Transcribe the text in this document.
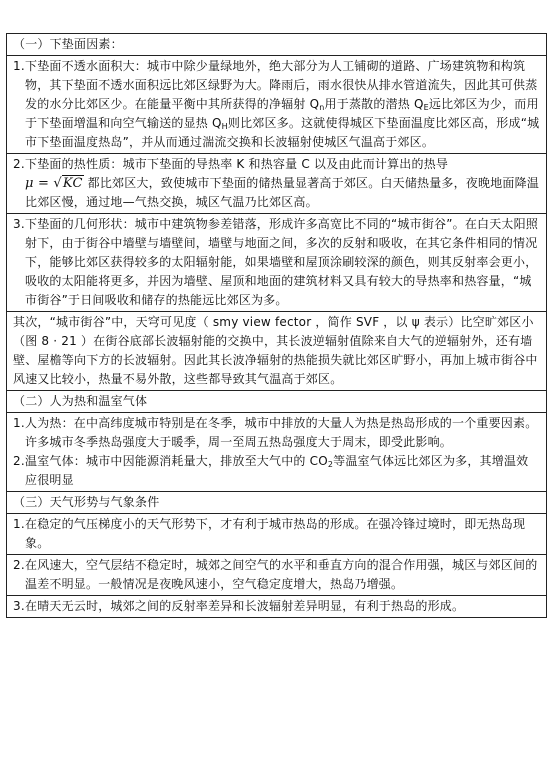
（一）下垫面因素：

1. 下垫面不透水面积大：城市中除少量绿地外，绝大部分为人工铺砌的道路、广场建筑物和构筑物，其下垫面不透水面积远比郊区绿野为大。降雨后，雨水很快从排水管道流失，因此其可供蒸发的水分比郊区少。在能量平衡中其所获得的净辐射 $Q_n$用于蒸散的潜热 $Q_E$远比郊区为少，而用于下垫面增温和向空气输送的显热 $Q_H$则比郊区多。这就使得城区下垫面温度比郊区高，形成“城市下垫面温度热岛”，并从而通过湍流交换和长波辐射使城区气温高于郊区。

2. 下垫面的热性质：城市下垫面的导热率 K 和热容量 C 以及由此而计算出的热导
μ = √KC 都比郊区大，致使城市下垫面的储热量显著高于郊区。白天储热量多，夜晚地面降温比郊区慢，通过地—气热交换，城区气温乃比郊区高。

3. 下垫面的几何形状：城市中建筑物参差错落，形成许多高宽比不同的“城市街谷”。在白天太阳照射下，由于街谷中墙壁与墙壁间，墙壁与地面之间，多次的反射和吸收，在其它条件相同的情况下，能够比郊区获得较多的太阳辐射能，如果墙壁和屋顶涂刷较深的颜色，则其反射率会更小，吸收的太阳能将更多，并因为墙壁、屋顶和地面的建筑材料又具有较大的导热率和热容量，“城市街谷”于日间吸收和储存的热能远比郊区为多。

其次，“城市街谷”中，天穹可见度（ smy view fector ，简作 SVF ，以 ψ 表示）比空旷郊区小（图 8 · 21 ）在街谷底部长波辐射能的交换中，其长波逆辐射值除来自大气的逆辐射外，还有墙壁、屋檐等向下方的长波辐射。因此其长波净辐射的热能损失就比郊区旷野小，再加上城市街谷中风速又比较小，热量不易外散，这些都导致其气温高于郊区。

（二）人为热和温室气体

1. 人为热：在中高纬度城市特别是在冬季，城市中排放的大量人为热是热岛形成的一个重要因素。许多城市冬季热岛强度大于暖季，周一至周五热岛强度大于周末，即受此影响。
2. 温室气体：城市中因能源消耗量大，排放至大气中的 $CO_2$等温室气体远比郊区为多，其增温效应很明显

（三）天气形势与气象条件

1. 在稳定的气压梯度小的天气形势下，才有利于城市热岛的形成。在强冷锋过境时，即无热岛现象。

2. 在风速大，空气层结不稳定时，城郊之间空气的水平和垂直方向的混合作用强，城区与郊区间的温差不明显。一般情况是夜晚风速小，空气稳定度增大，热岛乃增强。

3. 在晴天无云时，城郊之间的反射率差异和长波辐射差异明显，有利于热岛的形成。
